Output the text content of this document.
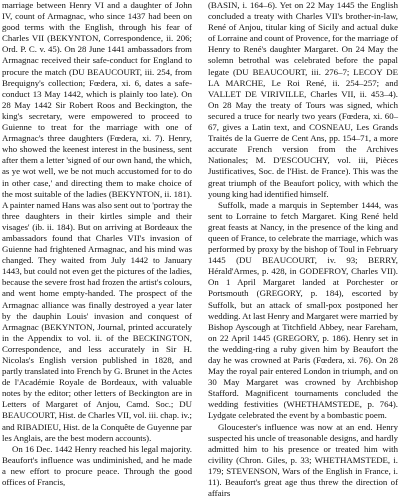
marriage between Henry VI and a daughter of John IV, count of Armagnac, who since 1437 had been on good terms with the English, through his fear of Charles VII (BEKYNTON, Correspondence, ii. 206; Ord. P. C. v. 45). On 28 June 1441 ambassadors from Armagnac received their safe-conduct for England to procure the match (DU BEAUCOURT, iii. 254, from Brequigny's collection; Fœdera, xi. 6, dates a safe-conduct 13 May 1442, which is plainly too late). On 28 May 1442 Sir Robert Roos and Beckington, the king's secretary, were empowered to proceed to Guienne to treat for the marriage with one of Armagnac's three daughters (Fœdera, xi. 7). Henry, who showed the keenest interest in the business, sent after them a letter 'signed of our own hand, the which, as ye wot well, we be not much accustomed for to do in other case,' and directing them to make choice of the most suitable of the ladies (BEKYNTON, ii. 181). A painter named Hans was also sent out to 'portray the three daughters in their kirtles simple and their visages' (ib. ii. 184). But on arriving at Bordeaux the ambassadors found that Charles VII's invasion of Guienne had frightened Armagnac, and his mind was changed. They waited from July 1442 to January 1443, but could not even get the pictures of the ladies, because the severe frost had frozen the artist's colours, and went home empty-handed. The prospect of the Armagnac alliance was finally destroyed a year later by the dauphin Louis' invasion and conquest of Armagnac (BEKYNTON, Journal, printed accurately in the Appendix to vol. ii. of the BECKINGTON, Correspondence, and less accurately in Sir H. Nicolas's English version published in 1828, and partly translated into French by G. Brunet in the Actes de l'Académie Royale de Bordeaux, with valuable notes by the editor; other letters of Beckington are in Letters of Margaret of Anjou, Camd. Soc.; DU BEAUCOURT, Hist. de Charles VII, vol. iii. chap. iv.; and RIBADIEU, Hist. de la Conquête de Guyenne par les Anglais, are the best modern accounts).

On 16 Dec. 1442 Henry reached his legal majority. Beaufort's influence was undiminished, and he made a new effort to procure peace. Through the good offices of Francis,

(BASIN, i. 164–6). Yet on 22 May 1445 the English concluded a treaty with Charles VII's brother-in-law, René of Anjou, titular king of Sicily and actual duke of Lorraine and count of Provence, for the marriage of Henry to René's daughter Margaret. On 24 May the solemn betrothal was celebrated before the papal legate (DU BEAUCOURT, iii. 276–7; LECOY DE LA MARCHE, Le Roi René, ii. 254–257; and VALLET DE VIRIVILLE, Charles VII, ii. 453–4). On 28 May the treaty of Tours was signed, which secured a truce for nearly two years (Fœdera, xi. 60–67, gives a Latin text, and COSNEAU, Les Grands Traités de la Guerre de Cent Ans, pp. 154–71, a more accurate French version from the Archives Nationales; M. D'ESCOUCHY, vol. iii, Pièces Justificatives, Soc. de l'Hist. de France). This was the great triumph of the Beaufort policy, with which the young king had identified himself.

Suffolk, made a marquis in September 1444, was sent to Lorraine to fetch Margaret. King René held great feasts at Nancy, in the presence of the king and queen of France, to celebrate the marriage, which was performed by proxy by the bishop of Toul in February 1445 (DU BEAUCOURT, iv. 93; BERRY, Hérald'Armes, p. 428, in GODEFROY, Charles VII). On 1 April Margaret landed at Porchester or Portsmouth (GREGORY, p. 184), escorted by Suffolk, but an attack of small-pox postponed her wedding. At last Henry and Margaret were married by Bishop Ayscough at Titchfield Abbey, near Fareham, on 22 April 1445 (GREGORY, p. 186). Henry set in the wedding-ring a ruby given him by Beaufort the day he was crowned at Paris (Fœdera, xi. 76). On 28 May the royal pair entered London in triumph, and on 30 May Margaret was crowned by Archbishop Stafford. Magnificent tournaments concluded the wedding festivities (WHETHAMSTEDE, p. 764). Lydgate celebrated the event by a bombastic poem.

Gloucester's influence was now at an end. Henry suspected his uncle of treasonable designs, and hardly admitted him to his presence or treated him with civility (Chron. Giles, p. 33; WHETHAMSTEDE, i. 179; STEVENSON, Wars of the English in France, i. 11). Beaufort's great age thus threw the direction of affairs
